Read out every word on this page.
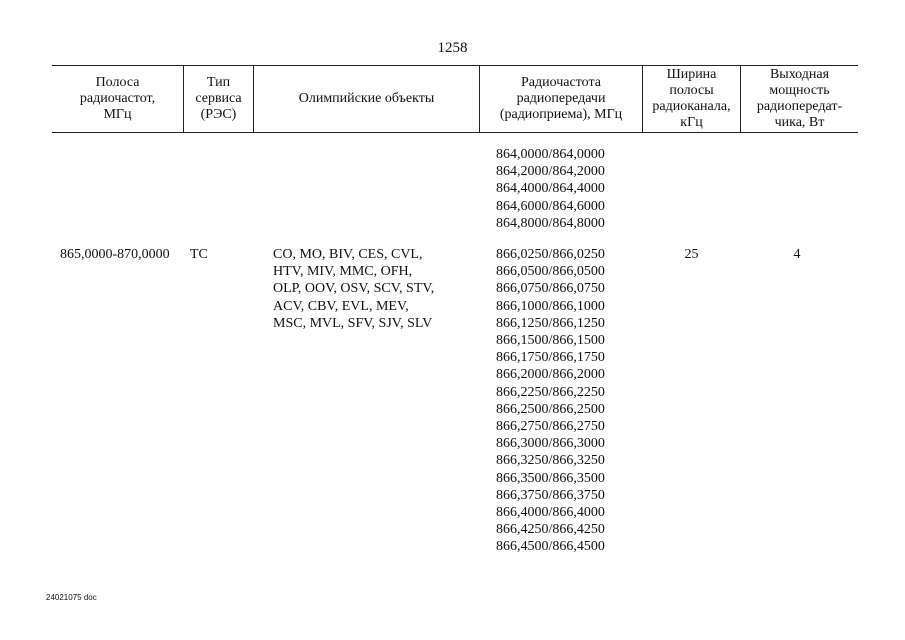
1258
Полоса
радиочастот,
МГц
Тип
сервиса
(РЭС)
Олимпийские объекты
Радиочастота
радиопередачи
(радиоприема), МГц
Ширина
полосы
радиоканала,
кГц
Выходная
мощность
радиопередат-
чика, Вт
864,0000/864,0000
864,2000/864,2000
864,4000/864,4000
864,6000/864,6000
864,8000/864,8000
865,0000-870,0000 ТС	CO, MO, BIV, CES, CVL,
HTV, MIV, MMC, OFH,
OLP, OOV, OSV, SCV, STV,
ACV, CBV, EVL, MEV,
MSC, MVL, SFV, SJV, SLV
866,0250/866,0250
866,0500/866,0500
866,0750/866,0750
866,1000/866,1000
866,1250/866,1250
866,1500/866,1500
866,1750/866,1750
866,2000/866,2000
866,2250/866,2250
866,2500/866,2500
866,2750/866,2750
866,3000/866,3000
866,3250/866,3250
866,3500/866,3500
866,3750/866,3750
866,4000/866,4000
866,4250/866,4250
866,4500/866,4500
25	4
24021075 doc
